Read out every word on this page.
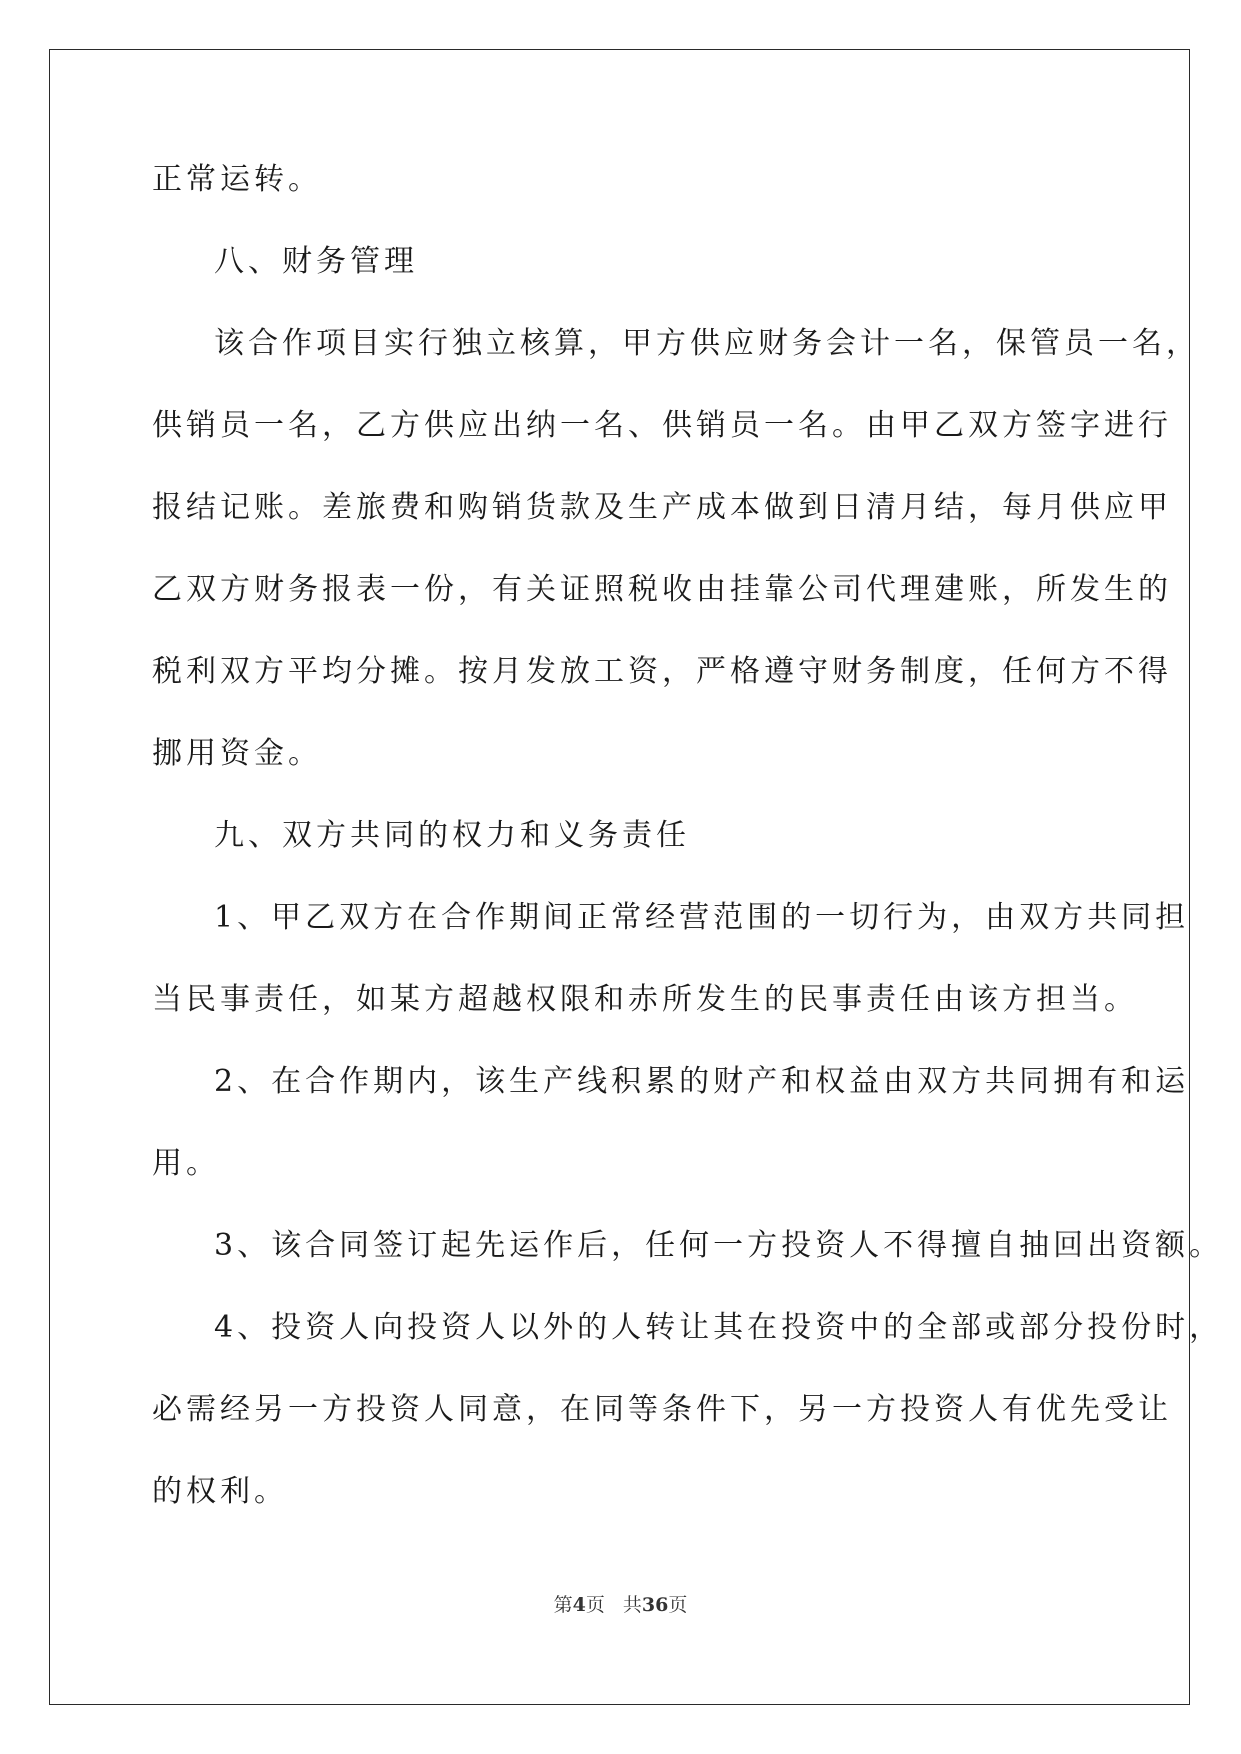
正常运转。
八、财务管理
该合作项目实行独立核算，甲方供应财务会计一名，保管员一名，
供销员一名，乙方供应出纳一名、供销员一名。由甲乙双方签字进行
报结记账。差旅费和购销货款及生产成本做到日清月结，每月供应甲
乙双方财务报表一份，有关证照税收由挂靠公司代理建账，所发生的
税利双方平均分摊。按月发放工资，严格遵守财务制度，任何方不得
挪用资金。
九、双方共同的权力和义务责任
1、甲乙双方在合作期间正常经营范围的一切行为，由双方共同担
当民事责任，如某方超越权限和赤所发生的民事责任由该方担当。
2、在合作期内，该生产线积累的财产和权益由双方共同拥有和运
用。
3、该合同签订起先运作后，任何一方投资人不得擅自抽回出资额。
4、投资人向投资人以外的人转让其在投资中的全部或部分投份时，
必需经另一方投资人同意，在同等条件下，另一方投资人有优先受让
的权利。
第4页 共36页
